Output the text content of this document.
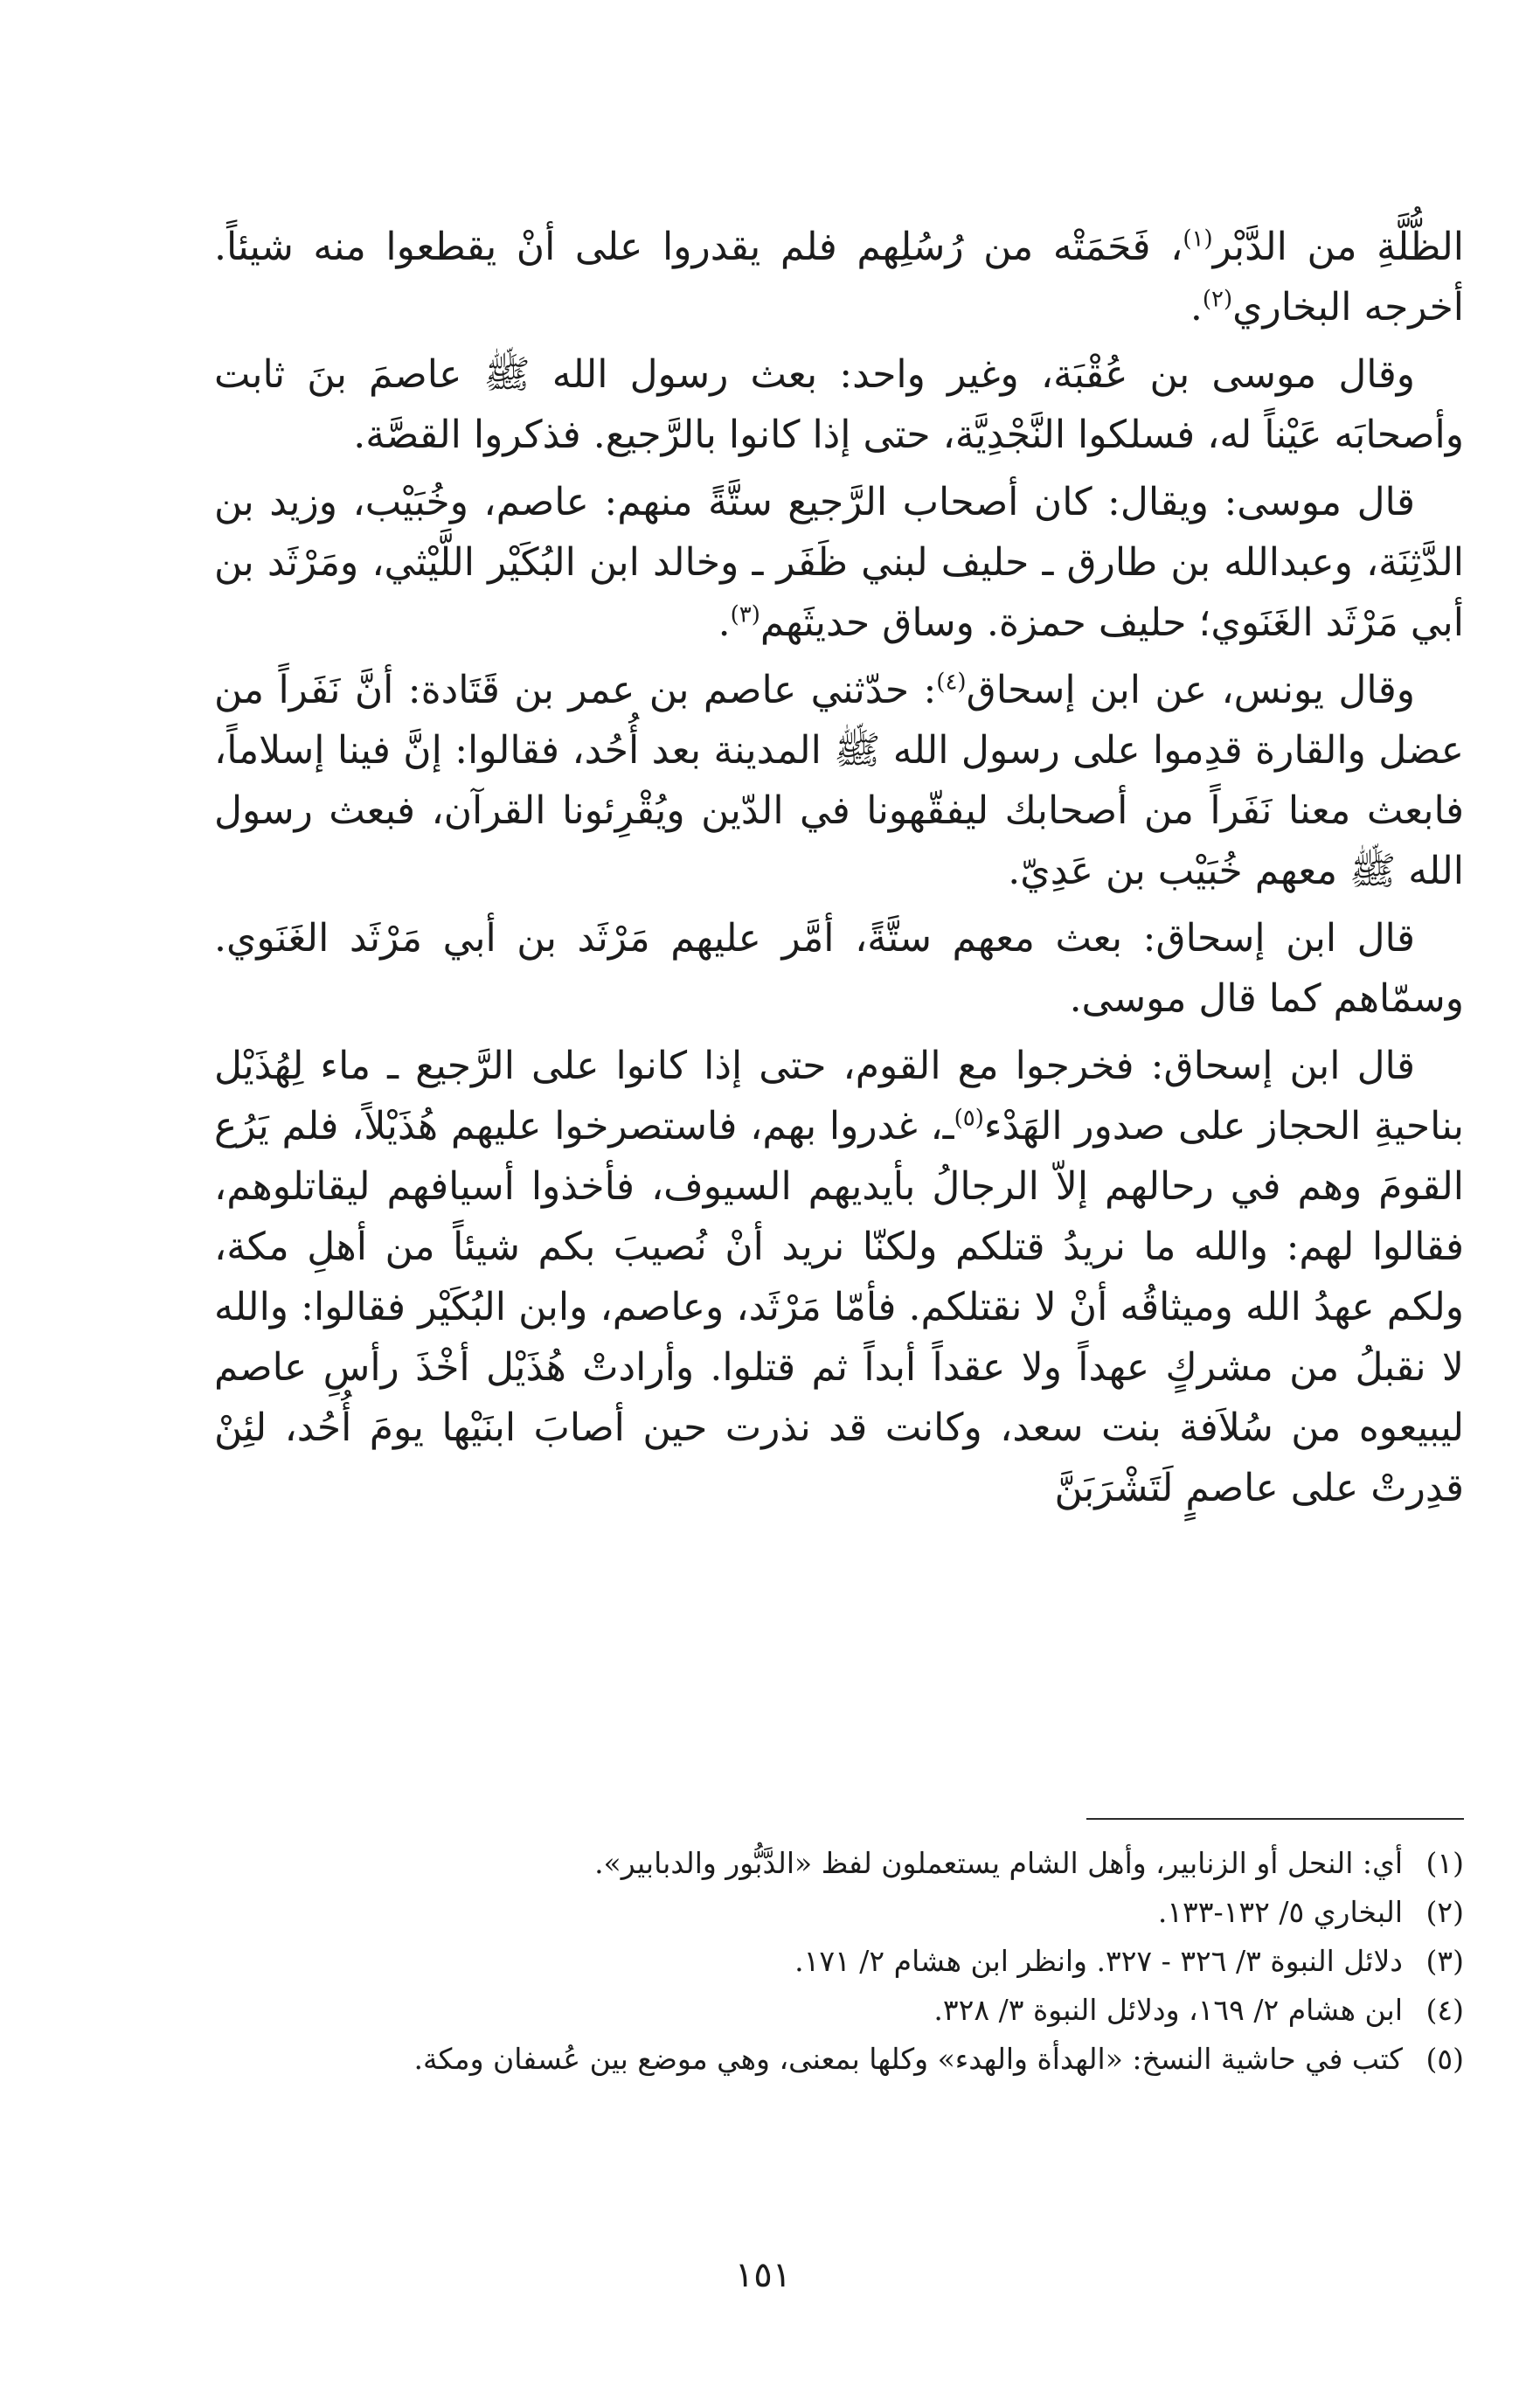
الظُّلَّةِ من الدَّبْر$^{(١)}$، فَحَمَتْه من رُسُلِهم فلم يقدروا على أنْ يقطعوا منه شيئاً. أخرجه البخاري$^{(٢)}$.

وقال موسى بن عُقْبَة، وغير واحد: بعث رسول الله ﷺ عاصمَ بنَ ثابت وأصحابَه عَيْناً له، فسلكوا النَّجْدِيَّة، حتى إذا كانوا بالرَّجيع. فذكروا القصَّة.

قال موسى: ويقال: كان أصحاب الرَّجيع ستَّةً منهم: عاصم، وخُبَيْب، وزيد بن الدَّثِنَة، وعبدالله بن طارق ـ حليف لبني ظَفَر ـ وخالد ابن البُكَيْر اللَّيْثي، ومَرْثَد بن أبي مَرْثَد الغَنَوي؛ حليف حمزة. وساق حديثَهم$^{(٣)}$.

وقال يونس، عن ابن إسحاق$^{(٤)}$: حدّثني عاصم بن عمر بن قَتَادة: أنَّ نَفَراً من عضل والقارة قدِموا على رسول الله ﷺ المدينة بعد أُحُد، فقالوا: إنَّ فينا إسلاماً، فابعث معنا نَفَراً من أصحابك ليفقّهونا في الدّين ويُقْرِئونا القرآن، فبعث رسول الله ﷺ معهم خُبَيْب بن عَدِيّ.

قال ابن إسحاق: بعث معهم ستَّةً، أمَّر عليهم مَرْثَد بن أبي مَرْثَد الغَنَوي. وسمّاهم كما قال موسى.

قال ابن إسحاق: فخرجوا مع القوم، حتى إذا كانوا على الرَّجيع ـ ماء لِهُذَيْل بناحيةِ الحجاز على صدور الهَدْء$^{(٥)}$ـ، غدروا بهم، فاستصرخوا عليهم هُذَيْلاً، فلم يَرُع القومَ وهم في رحالهم إلاّ الرجالُ بأيديهم السيوف، فأخذوا أسيافهم ليقاتلوهم، فقالوا لهم: والله ما نريدُ قتلكم ولكنّا نريد أنْ نُصيبَ بكم شيئاً من أهلِ مكة، ولكم عهدُ الله وميثاقُه أنْ لا نقتلكم. فأمّا مَرْثَد، وعاصم، وابن البُكَيْر فقالوا: والله لا نقبلُ من مشركٍ عهداً ولا عقداً أبداً ثم قتلوا. وأرادتْ هُذَيْل أخْذَ رأسِ عاصم ليبيعوه من سُلاَفة بنت سعد، وكانت قد نذرت حين أصابَ ابنَيْها يومَ أُحُد، لئِنْ قدِرتْ على عاصمٍ لَتَشْرَبَنَّ

(١)
أي: النحل أو الزنابير، وأهل الشام يستعملون لفظ «الدَّبُّور والدبابير».
(٢)
البخاري ٥/ ١٣٢-١٣٣.
(٣)
دلائل النبوة ٣/ ٣٢٦ - ٣٢٧. وانظر ابن هشام ٢/ ١٧١.
(٤)
ابن هشام ٢/ ١٦٩، ودلائل النبوة ٣/ ٣٢٨.
(٥)
كتب في حاشية النسخ: «الهدأة والهدء» وكلها بمعنى، وهي موضع بين عُسفان ومكة.
١٥١
